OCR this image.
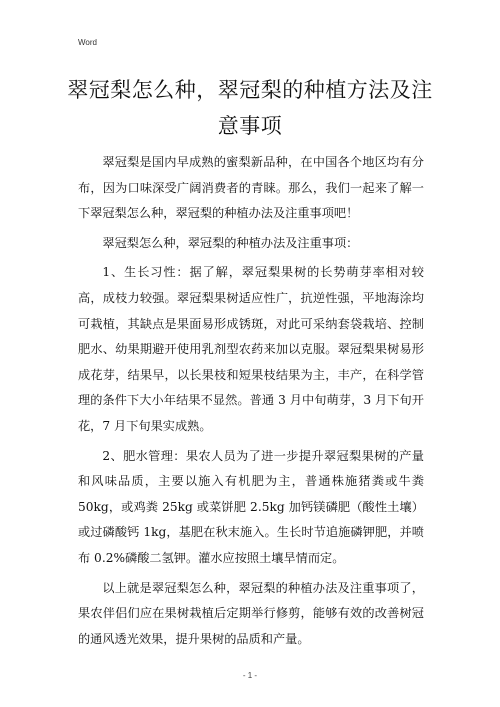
Word
翠冠梨怎么种，翠冠梨的种植方法及注意事项

翠冠梨是国内早成熟的蜜梨新品种，在中国各个地区均有分布，因为口味深受广阔消费者的青睐。那么，我们一起来了解一下翠冠梨怎么种，翠冠梨的种植办法及注重事项吧！

翠冠梨怎么种，翠冠梨的种植办法及注重事项：

1、生长习性：据了解，翠冠梨果树的长势萌芽率相对较高，成枝力较强。翠冠梨果树适应性广，抗逆性强，平地海涂均可栽植，其缺点是果面易形成锈斑，对此可采纳套袋栽培、控制肥水、幼果期避开使用乳剂型农药来加以克服。翠冠梨果树易形成花芽，结果早，以长果枝和短果枝结果为主，丰产，在科学管理的条件下大小年结果不显然。普通 3 月中旬萌芽，3 月下旬开花，7 月下旬果实成熟。

2、肥水管理：果农人员为了进一步提升翠冠梨果树的产量和风味品质，主要以施入有机肥为主，普通株施猪粪或牛粪 50kg，或鸡粪 25kg 或菜饼肥 2.5kg 加钙镁磷肥（酸性土壤）或过磷酸钙 1kg，基肥在秋末施入。生长时节追施磷钾肥，并喷布 0.2%磷酸二氢钾。灌水应按照土壤旱情而定。

以上就是翠冠梨怎么种，翠冠梨的种植办法及注重事项了，果农伴侣们应在果树栽植后定期举行修剪，能够有效的改善树冠的通风透光效果，提升果树的品质和产量。

- 1 -
